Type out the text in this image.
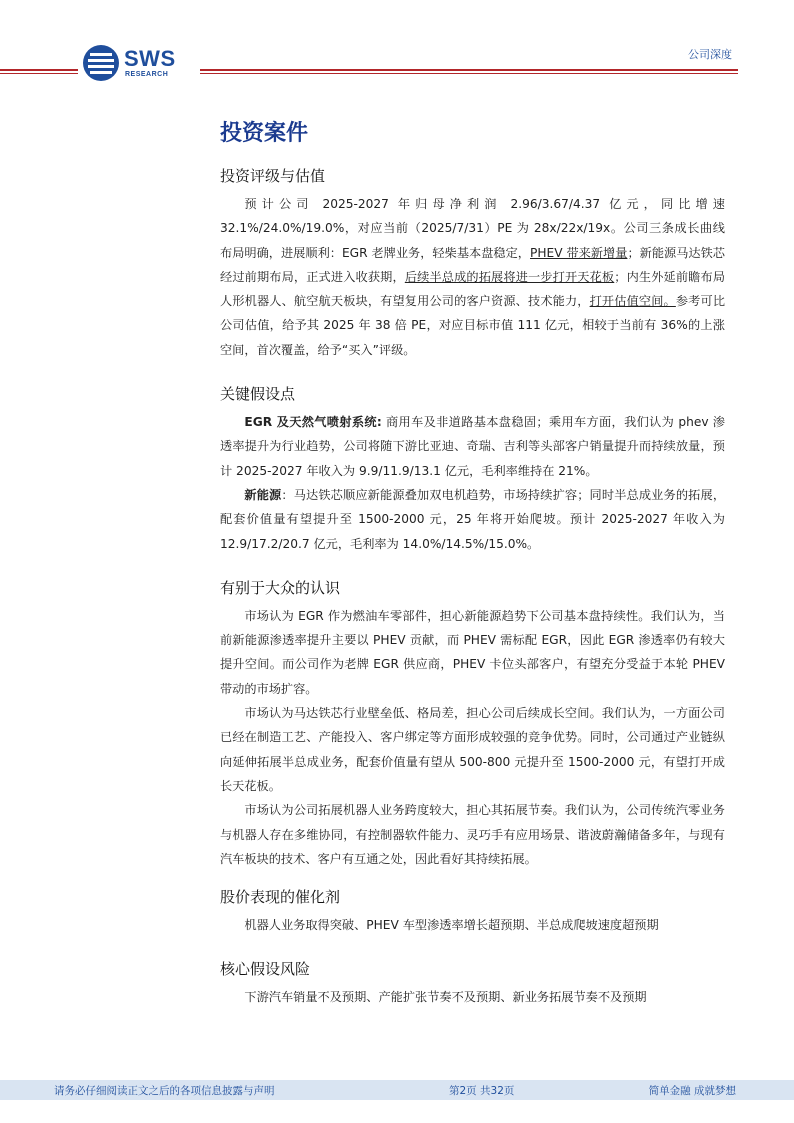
SWS
RESEARCH
公司深度
投资案件
投资评级与估值

预计公司 2025-2027 年归母净利润 2.96/3.67/4.37 亿元，同比增速32.1%/24.0%/19.0%，对应当前（2025/7/31）PE 为 28x/22x/19x。公司三条成长曲线布局明确，进展顺利：EGR 老牌业务，轻柴基本盘稳定，PHEV 带来新增量；新能源马达铁芯经过前期布局，正式进入收获期，后续半总成的拓展将进一步打开天花板；内生外延前瞻布局人形机器人、航空航天板块，有望复用公司的客户资源、技术能力，打开估值空间。参考可比公司估值，给予其 2025 年 38 倍 PE，对应目标市值 111 亿元，相较于当前有 36%的上涨空间，首次覆盖，给予“买入”评级。

关键假设点

EGR 及天然气喷射系统: 商用车及非道路基本盘稳固；乘用车方面，我们认为 phev 渗透率提升为行业趋势，公司将随下游比亚迪、奇瑞、吉利等头部客户销量提升而持续放量，预计 2025-2027 年收入为 9.9/11.9/13.1 亿元，毛利率维持在 21%。

新能源：马达铁芯顺应新能源叠加双电机趋势，市场持续扩容；同时半总成业务的拓展，配套价值量有望提升至 1500-2000 元，25 年将开始爬坡。预计 2025-2027 年收入为 12.9/17.2/20.7 亿元，毛利率为 14.0%/14.5%/15.0%。

有别于大众的认识

市场认为 EGR 作为燃油车零部件，担心新能源趋势下公司基本盘持续性。我们认为，当前新能源渗透率提升主要以 PHEV 贡献，而 PHEV 需标配 EGR，因此 EGR 渗透率仍有较大提升空间。而公司作为老牌 EGR 供应商，PHEV 卡位头部客户，有望充分受益于本轮 PHEV 带动的市场扩容。

市场认为马达铁芯行业壁垒低、格局差，担心公司后续成长空间。我们认为，一方面公司已经在制造工艺、产能投入、客户绑定等方面形成较强的竞争优势。同时，公司通过产业链纵向延伸拓展半总成业务，配套价值量有望从 500-800 元提升至 1500-2000 元，有望打开成长天花板。

市场认为公司拓展机器人业务跨度较大，担心其拓展节奏。我们认为，公司传统汽零业务与机器人存在多维协同，有控制器软件能力、灵巧手有应用场景、谐波蔚瀚储备多年，与现有汽车板块的技术、客户有互通之处，因此看好其持续拓展。

股价表现的催化剂

机器人业务取得突破、PHEV 车型渗透率增长超预期、半总成爬坡速度超预期

核心假设风险

下游汽车销量不及预期、产能扩张节奏不及预期、新业务拓展节奏不及预期

请务必仔细阅读正文之后的各项信息披露与声明	第2页 共32页	简单金融 成就梦想
